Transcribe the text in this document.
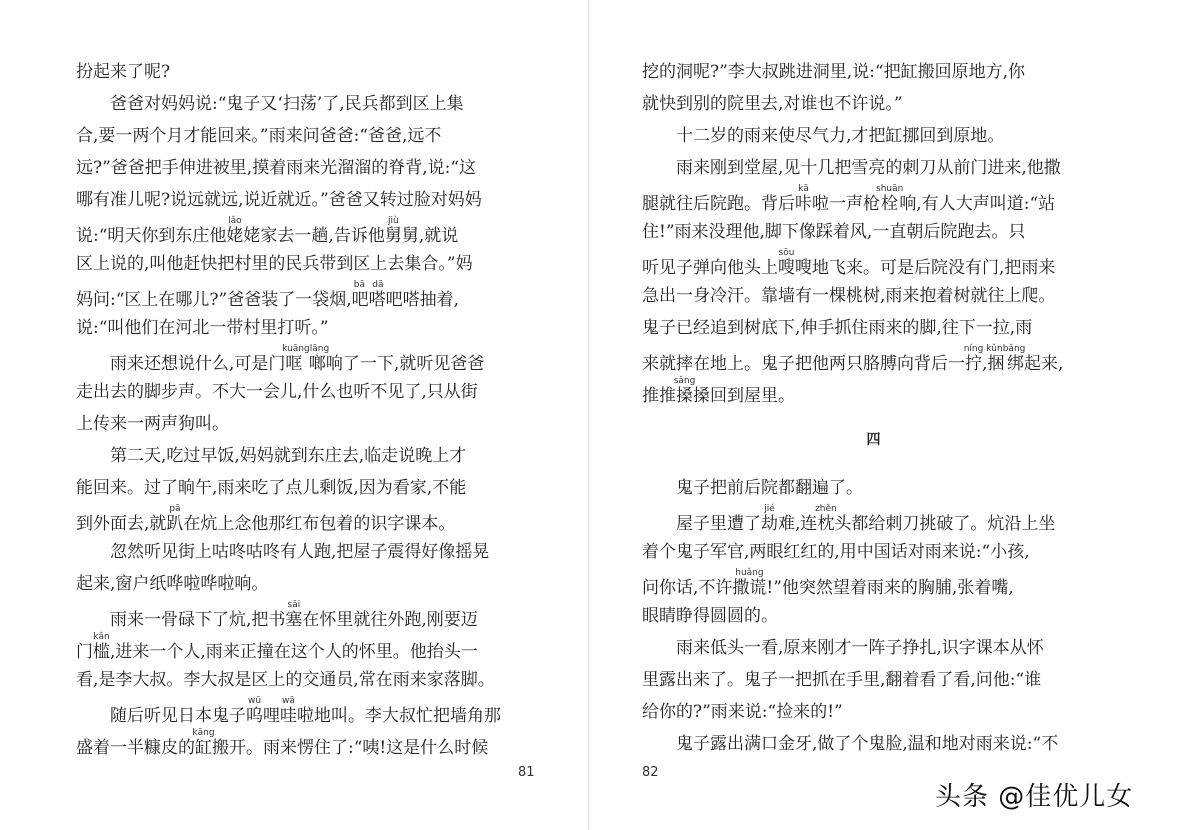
扮起来了呢?

爸爸对妈妈说:“鬼子又‘扫荡’了,民兵都到区上集

合,要一两个月才能回来。”雨来问爸爸:“爸爸,远不

远?”爸爸把手伸进被里,摸着雨来光溜溜的脊背,说:“这

哪有准儿呢?说远就远,说近就近。”爸爸又转过脸对妈妈

说:“明天你到东庄他姥lǎo姥家去一趟,告诉他舅jiù舅,就说

区上说的,叫他赶快把村里的民兵带到区上去集合。”妈

妈问:“区上在哪儿?”爸爸装了一袋烟,吧嗒bā dā吧嗒抽着,

说:“叫他们在河北一带村里打听。”

雨来还想说什么,可是门哐啷kuānglāng响了一下,就听见爸爸

走出去的脚步声。不大一会儿,什么也听不见了,只从街

上传来一两声狗叫。

第二天,吃过早饭,妈妈就到东庄去,临走说晚上才

能回来。过了晌午,雨来吃了点儿剩饭,因为看家,不能

到外面去,就趴pā在炕上念他那红布包着的识字课本。

忽然听见街上咕咚咕咚有人跑,把屋子震得好像摇晃

起来,窗户纸哗啦哗啦响。

雨来一骨碌下了炕,把书塞sāi在怀里就往外跑,刚要迈

门槛kǎn,进来一个人,雨来正撞在这个人的怀里。他抬头一

看,是李大叔。李大叔是区上的交通员,常在雨来家落脚。

随后听见日本鬼子呜wū哩哇wā啦地叫。李大叔忙把墙角那

盛着一半糠皮的缸kāng搬开。雨来愣住了:“咦!这是什么时候

81

挖的洞呢?”李大叔跳进洞里,说:“把缸搬回原地方,你

就快到别的院里去,对谁也不许说。”

十二岁的雨来使尽气力,才把缸挪回到原地。

雨来刚到堂屋,见十几把雪亮的刺刀从前门进来,他撒

腿就往后院跑。背后咔kā啦一声枪栓shuān响,有人大声叫道:“站

住!”雨来没理他,脚下像踩着风,一直朝后院跑去。只

听见子弹向他头上嗖sōu嗖地飞来。可是后院没有门,把雨来

急出一身冷汗。靠墙有一棵桃树,雨来抱着树就往上爬。

鬼子已经追到树底下,伸手抓住雨来的脚,往下一拉,雨

来就摔在地上。鬼子把他两只胳膊向背后一拧níng,捆绑kǔnbǎng起来,

推推搡sǎng搡回到屋里。

四

鬼子把前后院都翻遍了。

屋子里遭了劫jié难,连枕zhěn头都给刺刀挑破了。炕沿上坐

着个鬼子军官,两眼红红的,用中国话对雨来说:“小孩,

问你话,不许撒谎huǎng!”他突然望着雨来的胸脯,张着嘴,

眼睛睁得圆圆的。

雨来低头一看,原来刚才一阵子挣扎,识字课本从怀

里露出来了。鬼子一把抓在手里,翻着看了看,问他:“谁

给你的?”雨来说:“捡来的!”

鬼子露出满口金牙,做了个鬼脸,温和地对雨来说:“不

82
头条 @佳优儿女
